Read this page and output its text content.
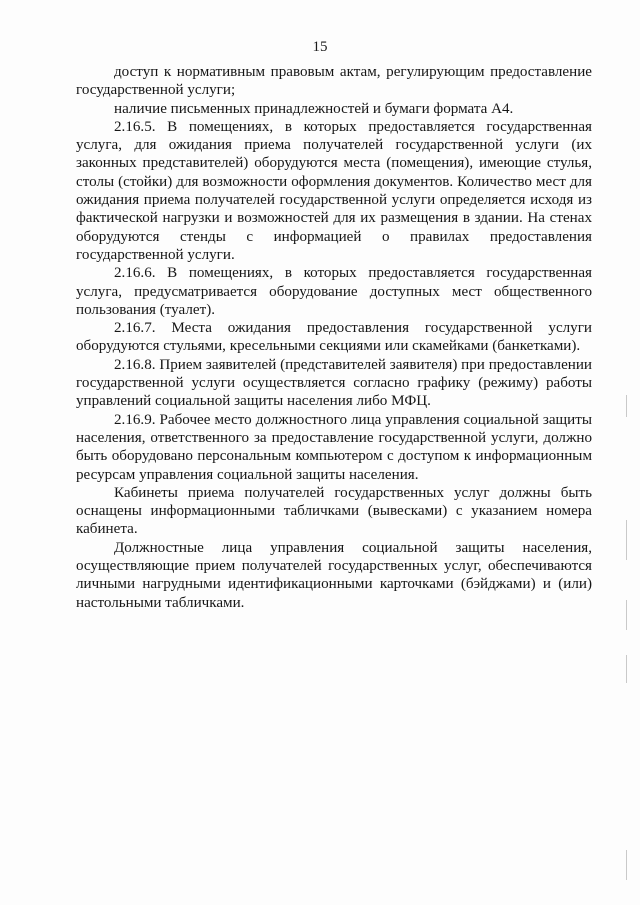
15

доступ к нормативным правовым актам, регулирующим предоставление государственной услуги;

наличие письменных принадлежностей и бумаги формата А4.

2.16.5. В помещениях, в которых предоставляется государственная услуга, для ожидания приема получателей государственной услуги (их законных представителей) оборудуются места (помещения), имеющие стулья, столы (стойки) для возможности оформления документов. Количество мест для ожидания приема получателей государственной услуги определяется исходя из фактической нагрузки и возможностей для их размещения в здании. На стенах оборудуются стенды с информацией о правилах предоставления государственной услуги.

2.16.6. В помещениях, в которых предоставляется государственная услуга, предусматривается оборудование доступных мест общественного пользования (туалет).

2.16.7. Места ожидания предоставления государственной услуги оборудуются стульями, кресельными секциями или скамейками (банкетками).

2.16.8. Прием заявителей (представителей заявителя) при предоставлении государственной услуги осуществляется согласно графику (режиму) работы управлений социальной защиты населения либо МФЦ.

2.16.9. Рабочее место должностного лица управления социальной защиты населения, ответственного за предоставление государственной услуги, должно быть оборудовано персональным компьютером с доступом к информационным ресурсам управления социальной защиты населения.

Кабинеты приема получателей государственных услуг должны быть оснащены информационными табличками (вывесками) с указанием номера кабинета.

Должностные лица управления социальной защиты населения, осуществляющие прием получателей государственных услуг, обеспечиваются личными нагрудными идентификационными карточками (бэйджами) и (или) настольными табличками.
